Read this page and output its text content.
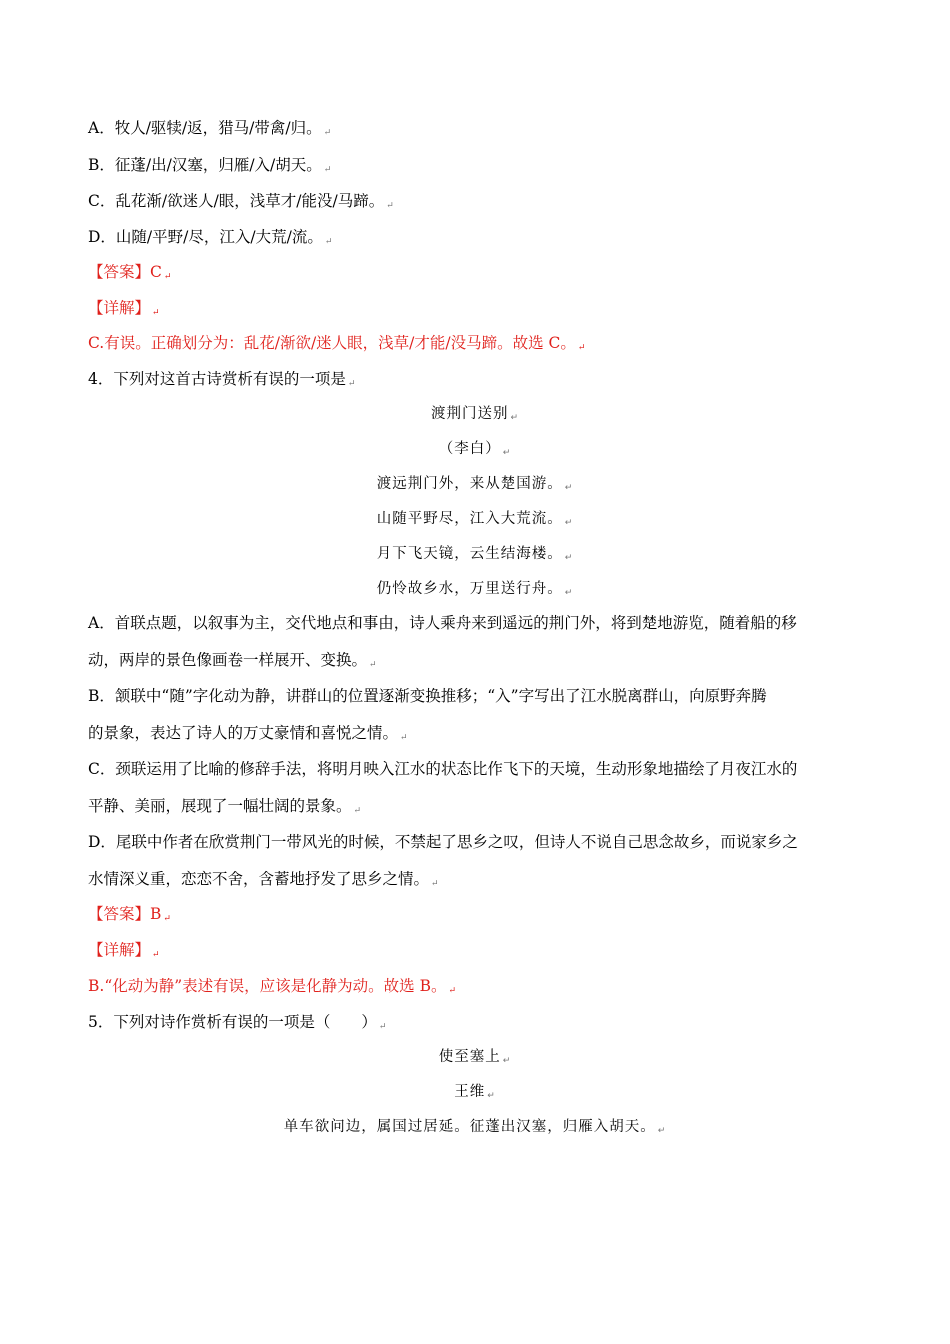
A．牧人/驱犊/返，猎马/带禽/归。 ↵
B．征蓬/出/汉塞，归雁/入/胡天。 ↵
C．乱花渐/欲迷人/眼，浅草才/能没/马蹄。 ↵
D．山随/平野/尽，江入/大荒/流。 ↵
【答案】C ↵
【详解】 ↵
C.有误。正确划分为：乱花/渐欲/迷人眼，浅草/才能/没马蹄。故选 C。 ↵
4．下列对这首古诗赏析有误的一项是 ↵
渡荆门送别 ↵
（李白） ↵
渡远荆门外，来从楚国游。 ↵
山随平野尽，江入大荒流。 ↵
月下飞天镜，云生结海楼。 ↵
仍怜故乡水，万里送行舟。 ↵
A．首联点题，以叙事为主，交代地点和事由，诗人乘舟来到遥远的荆门外，将到楚地游览，随着船的移
动，两岸的景色像画卷一样展开、变换。 ↵
B．颔联中“随”字化动为静，讲群山的位置逐渐变换推移；“入”字写出了江水脱离群山，向原野奔腾
的景象，表达了诗人的万丈豪情和喜悦之情。 ↵
C．颈联运用了比喻的修辞手法，将明月映入江水的状态比作飞下的天境，生动形象地描绘了月夜江水的
平静、美丽，展现了一幅壮阔的景象。 ↵
D．尾联中作者在欣赏荆门一带风光的时候，不禁起了思乡之叹，但诗人不说自己思念故乡，而说家乡之
水情深义重，恋恋不舍，含蓄地抒发了思乡之情。 ↵
【答案】B ↵
【详解】 ↵
B.“化动为静”表述有误，应该是化静为动。故选 B。 ↵
5．下列对诗作赏析有误的一项是（　　） ↵
使至塞上 ↵
王维 ↵
单车欲问边，属国过居延。征蓬出汉塞，归雁入胡天。 ↵
